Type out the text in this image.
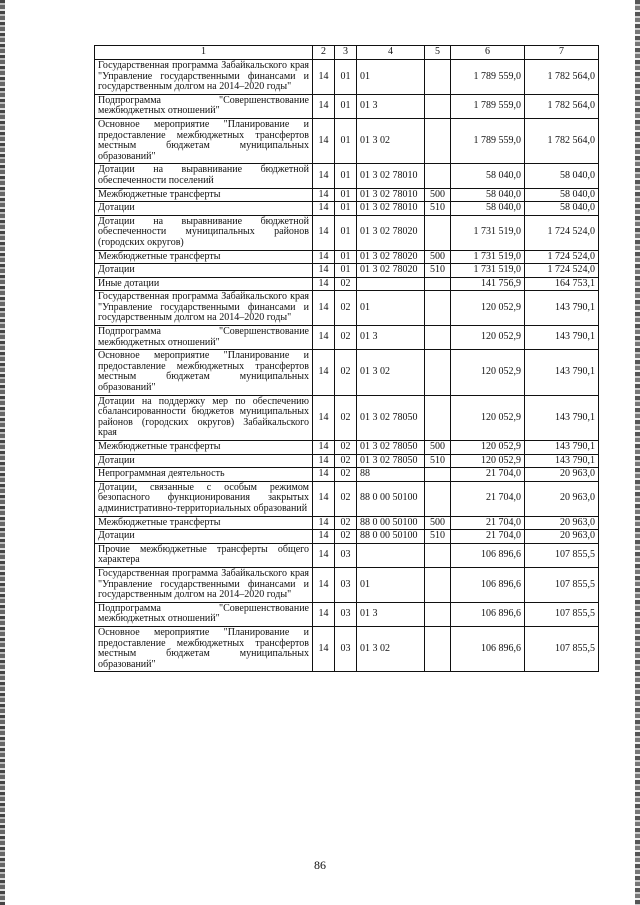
1	2	3	4	5	6	7
Государственная программа Забайкальского края "Управление государственными финансами и государственным долгом на 2014–2020 годы"	14	01	01		1 789 559,0	1 782 564,0
Подпрограмма "Совершенствование межбюджетных отношений"	14	01	01 3		1 789 559,0	1 782 564,0
Основное мероприятие "Планирование и предоставление межбюджетных трансфертов местным бюджетам муниципальных образований"	14	01	01 3 02		1 789 559,0	1 782 564,0
Дотации на выравнивание бюджетной обеспеченности поселений	14	01	01 3 02 78010		58 040,0	58 040,0
Межбюджетные трансферты	14	01	01 3 02 78010	500	58 040,0	58 040,0
Дотации	14	01	01 3 02 78010	510	58 040,0	58 040,0
Дотации на выравнивание бюджетной обеспеченности муниципальных районов (городских округов)	14	01	01 3 02 78020		1 731 519,0	1 724 524,0
Межбюджетные трансферты	14	01	01 3 02 78020	500	1 731 519,0	1 724 524,0
Дотации	14	01	01 3 02 78020	510	1 731 519,0	1 724 524,0
Иные дотации	14	02			141 756,9	164 753,1
Государственная программа Забайкальского края "Управление государственными финансами и государственным долгом на 2014–2020 годы"	14	02	01		120 052,9	143 790,1
Подпрограмма "Совершенствование межбюджетных отношений"	14	02	01 3		120 052,9	143 790,1
Основное мероприятие "Планирование и предоставление межбюджетных трансфертов местным бюджетам муниципальных образований"	14	02	01 3 02		120 052,9	143 790,1
Дотации на поддержку мер по обеспечению сбалансированности бюджетов муниципальных районов (городских округов) Забайкальского края	14	02	01 3 02 78050		120 052,9	143 790,1
Межбюджетные трансферты	14	02	01 3 02 78050	500	120 052,9	143 790,1
Дотации	14	02	01 3 02 78050	510	120 052,9	143 790,1
Непрограммная деятельность	14	02	88		21 704,0	20 963,0
Дотации, связанные с особым режимом безопасного функционирования закрытых административно-территориальных образований	14	02	88 0 00 50100		21 704,0	20 963,0
Межбюджетные трансферты	14	02	88 0 00 50100	500	21 704,0	20 963,0
Дотации	14	02	88 0 00 50100	510	21 704,0	20 963,0
Прочие межбюджетные трансферты общего характера	14	03			106 896,6	107 855,5
Государственная программа Забайкальского края "Управление государственными финансами и государственным долгом на 2014–2020 годы"	14	03	01		106 896,6	107 855,5
Подпрограмма "Совершенствование межбюджетных отношений"	14	03	01 3		106 896,6	107 855,5
Основное мероприятие "Планирование и предоставление межбюджетных трансфертов местным бюджетам муниципальных образований"	14	03	01 3 02		106 896,6	107 855,5
86
